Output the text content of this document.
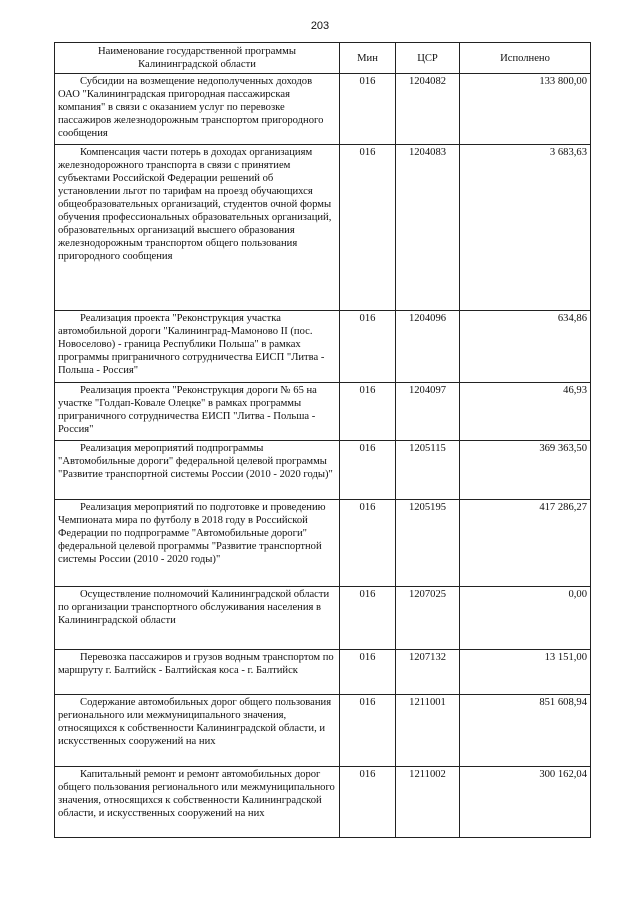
203
Наименование государственной программы Калининградской области	Мин	ЦСР	Исполнено

Субсидии на возмещение недополученных доходов ОАО "Калининградская пригородная пассажирская компания" в связи с оказанием услуг по перевозке пассажиров железнодорожным транспортом пригородного сообщения	016	1204082	133 800,00

Компенсация части потерь в доходах организациям железнодорожного транспорта в связи с принятием субъектами Российской Федерации решений об установлении льгот по тарифам на проезд обучающихся общеобразовательных организаций, студентов очной формы обучения профессиональных образовательных организаций, образовательных организаций высшего образования железнодорожным транспортом общего пользования пригородного сообщения	016	1204083	3 683,63

Реализация проекта "Реконструкция участка автомобильной дороги "Калининград-Мамоново II (пос. Новоселово) - граница Республики Польша" в рамках программы приграничного сотрудничества ЕИСП "Литва - Польша - Россия"	016	1204096	634,86

Реализация проекта "Реконструкция дороги № 65 на участке "Голдап-Ковале Олецке" в рамках программы приграничного сотрудничества ЕИСП "Литва - Польша - Россия"	016	1204097	46,93

Реализация мероприятий подпрограммы "Автомобильные дороги" федеральной целевой программы "Развитие транспортной системы России (2010 - 2020 годы)"	016	1205115	369 363,50

Реализация мероприятий по подготовке и проведению Чемпионата мира по футболу в 2018 году в Российской Федерации по подпрограмме "Автомобильные дороги" федеральной целевой программы "Развитие транспортной системы России (2010 - 2020 годы)"	016	1205195	417 286,27

Осуществление полномочий Калининградской области по организации транспортного обслуживания населения в Калининградской области	016	1207025	0,00

Перевозка пассажиров и грузов водным транспортом по маршруту г. Балтийск - Балтийская коса - г. Балтийск	016	1207132	13 151,00

Содержание автомобильных дорог общего пользования регионального или межмуниципального значения, относящихся к собственности Калининградской области, и искусственных сооружений на них	016	1211001	851 608,94

Капитальный ремонт и ремонт автомобильных дорог общего пользования регионального или межмуниципального значения, относящихся к собственности Калининградской области, и искусственных сооружений на них	016	1211002	300 162,04
